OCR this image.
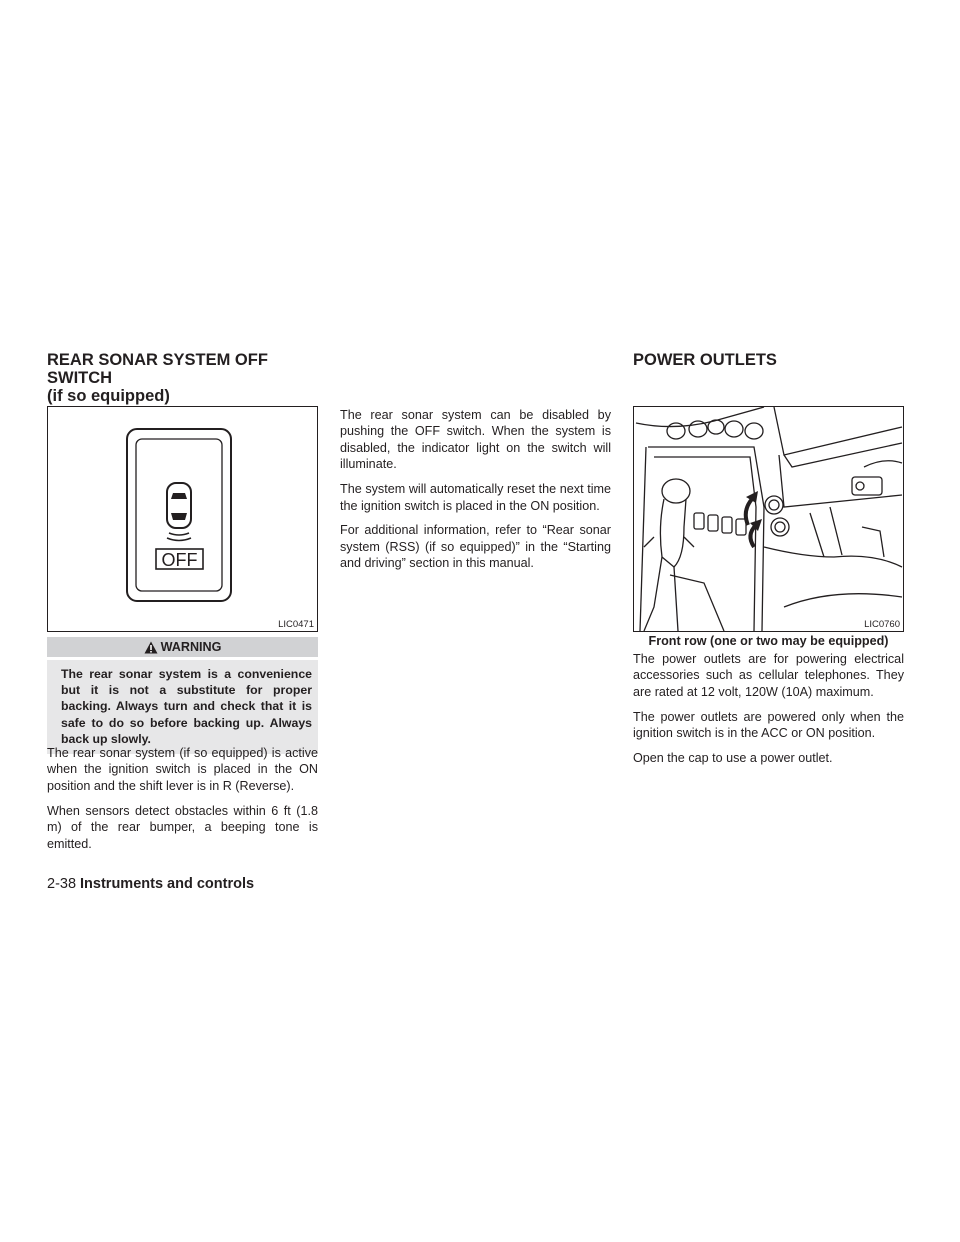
REAR SONAR SYSTEM OFF SWITCH

(if so equipped)

OFF
LIC0471
WARNING
The rear sonar system is a convenience but it is not a substitute for proper backing. Always turn and check that it is safe to do so before backing up. Always back up slowly.

The rear sonar system (if so equipped) is active when the ignition switch is placed in the ON position and the shift lever is in R (Reverse).

When sensors detect obstacles within 6 ft (1.8 m) of the rear bumper, a beeping tone is emitted.

The rear sonar system can be disabled by pushing the OFF switch. When the system is disabled, the indicator light on the switch will illuminate.

The system will automatically reset the next time the ignition switch is placed in the ON position.

For additional information, refer to “Rear sonar system (RSS) (if so equipped)” in the “Starting and driving” section in this manual.

POWER OUTLETS

LIC0760
Front row (one or two may be equipped)

The power outlets are for powering electrical accessories such as cellular telephones. They are rated at 12 volt, 120W (10A) maximum.

The power outlets are powered only when the ignition switch is in the ACC or ON position.

Open the cap to use a power outlet.

2-38 Instruments and controls
